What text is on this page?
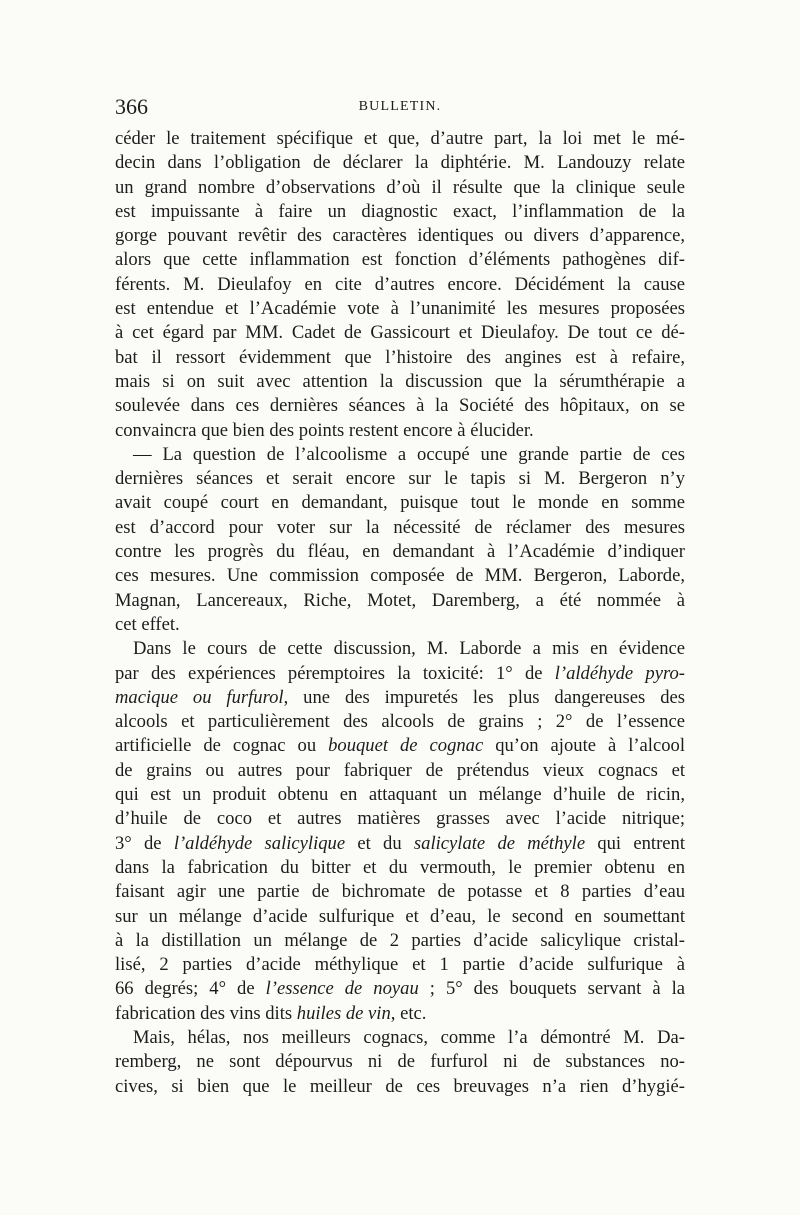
366	BULLETIN.
céder le traitement spécifique et que, d’autre part, la loi met le mé-
decin dans l’obligation de déclarer la diphtérie. M. Landouzy relate
un grand nombre d’observations d’où il résulte que la clinique seule
est impuissante à faire un diagnostic exact, l’inflammation de la
gorge pouvant revêtir des caractères identiques ou divers d’apparence,
alors que cette inflammation est fonction d’éléments pathogènes dif-
férents. M. Dieulafoy en cite d’autres encore. Décidément la cause
est entendue et l’Académie vote à l’unanimité les mesures proposées
à cet égard par MM. Cadet de Gassicourt et Dieulafoy. De tout ce dé-
bat il ressort évidemment que l’histoire des angines est à refaire,
mais si on suit avec attention la discussion que la sérumthérapie a
soulevée dans ces dernières séances à la Société des hôpitaux, on se
convaincra que bien des points restent encore à élucider.
— La question de l’alcoolisme a occupé une grande partie de ces
dernières séances et serait encore sur le tapis si M. Bergeron n’y
avait coupé court en demandant, puisque tout le monde en somme
est d’accord pour voter sur la nécessité de réclamer des mesures
contre les progrès du fléau, en demandant à l’Académie d’indiquer
ces mesures. Une commission composée de MM. Bergeron, Laborde,
Magnan, Lancereaux, Riche, Motet, Daremberg, a été nommée à
cet effet.
Dans le cours de cette discussion, M. Laborde a mis en évidence
par des expériences péremptoires la toxicité: 1° de l’aldéhyde pyro-
macique ou furfurol, une des impuretés les plus dangereuses des
alcools et particulièrement des alcools de grains ; 2° de l’essence
artificielle de cognac ou bouquet de cognac qu’on ajoute à l’alcool
de grains ou autres pour fabriquer de prétendus vieux cognacs et
qui est un produit obtenu en attaquant un mélange d’huile de ricin,
d’huile de coco et autres matières grasses avec l’acide nitrique;
3° de l’aldéhyde salicylique et du salicylate de méthyle qui entrent
dans la fabrication du bitter et du vermouth, le premier obtenu en
faisant agir une partie de bichromate de potasse et 8 parties d’eau
sur un mélange d’acide sulfurique et d’eau, le second en soumettant
à la distillation un mélange de 2 parties d’acide salicylique cristal-
lisé, 2 parties d’acide méthylique et 1 partie d’acide sulfurique à
66 degrés; 4° de l’essence de noyau ; 5° des bouquets servant à la
fabrication des vins dits huiles de vin, etc.
Mais, hélas, nos meilleurs cognacs, comme l’a démontré M. Da-
remberg, ne sont dépourvus ni de furfurol ni de substances no-
cives, si bien que le meilleur de ces breuvages n’a rien d’hygié-
